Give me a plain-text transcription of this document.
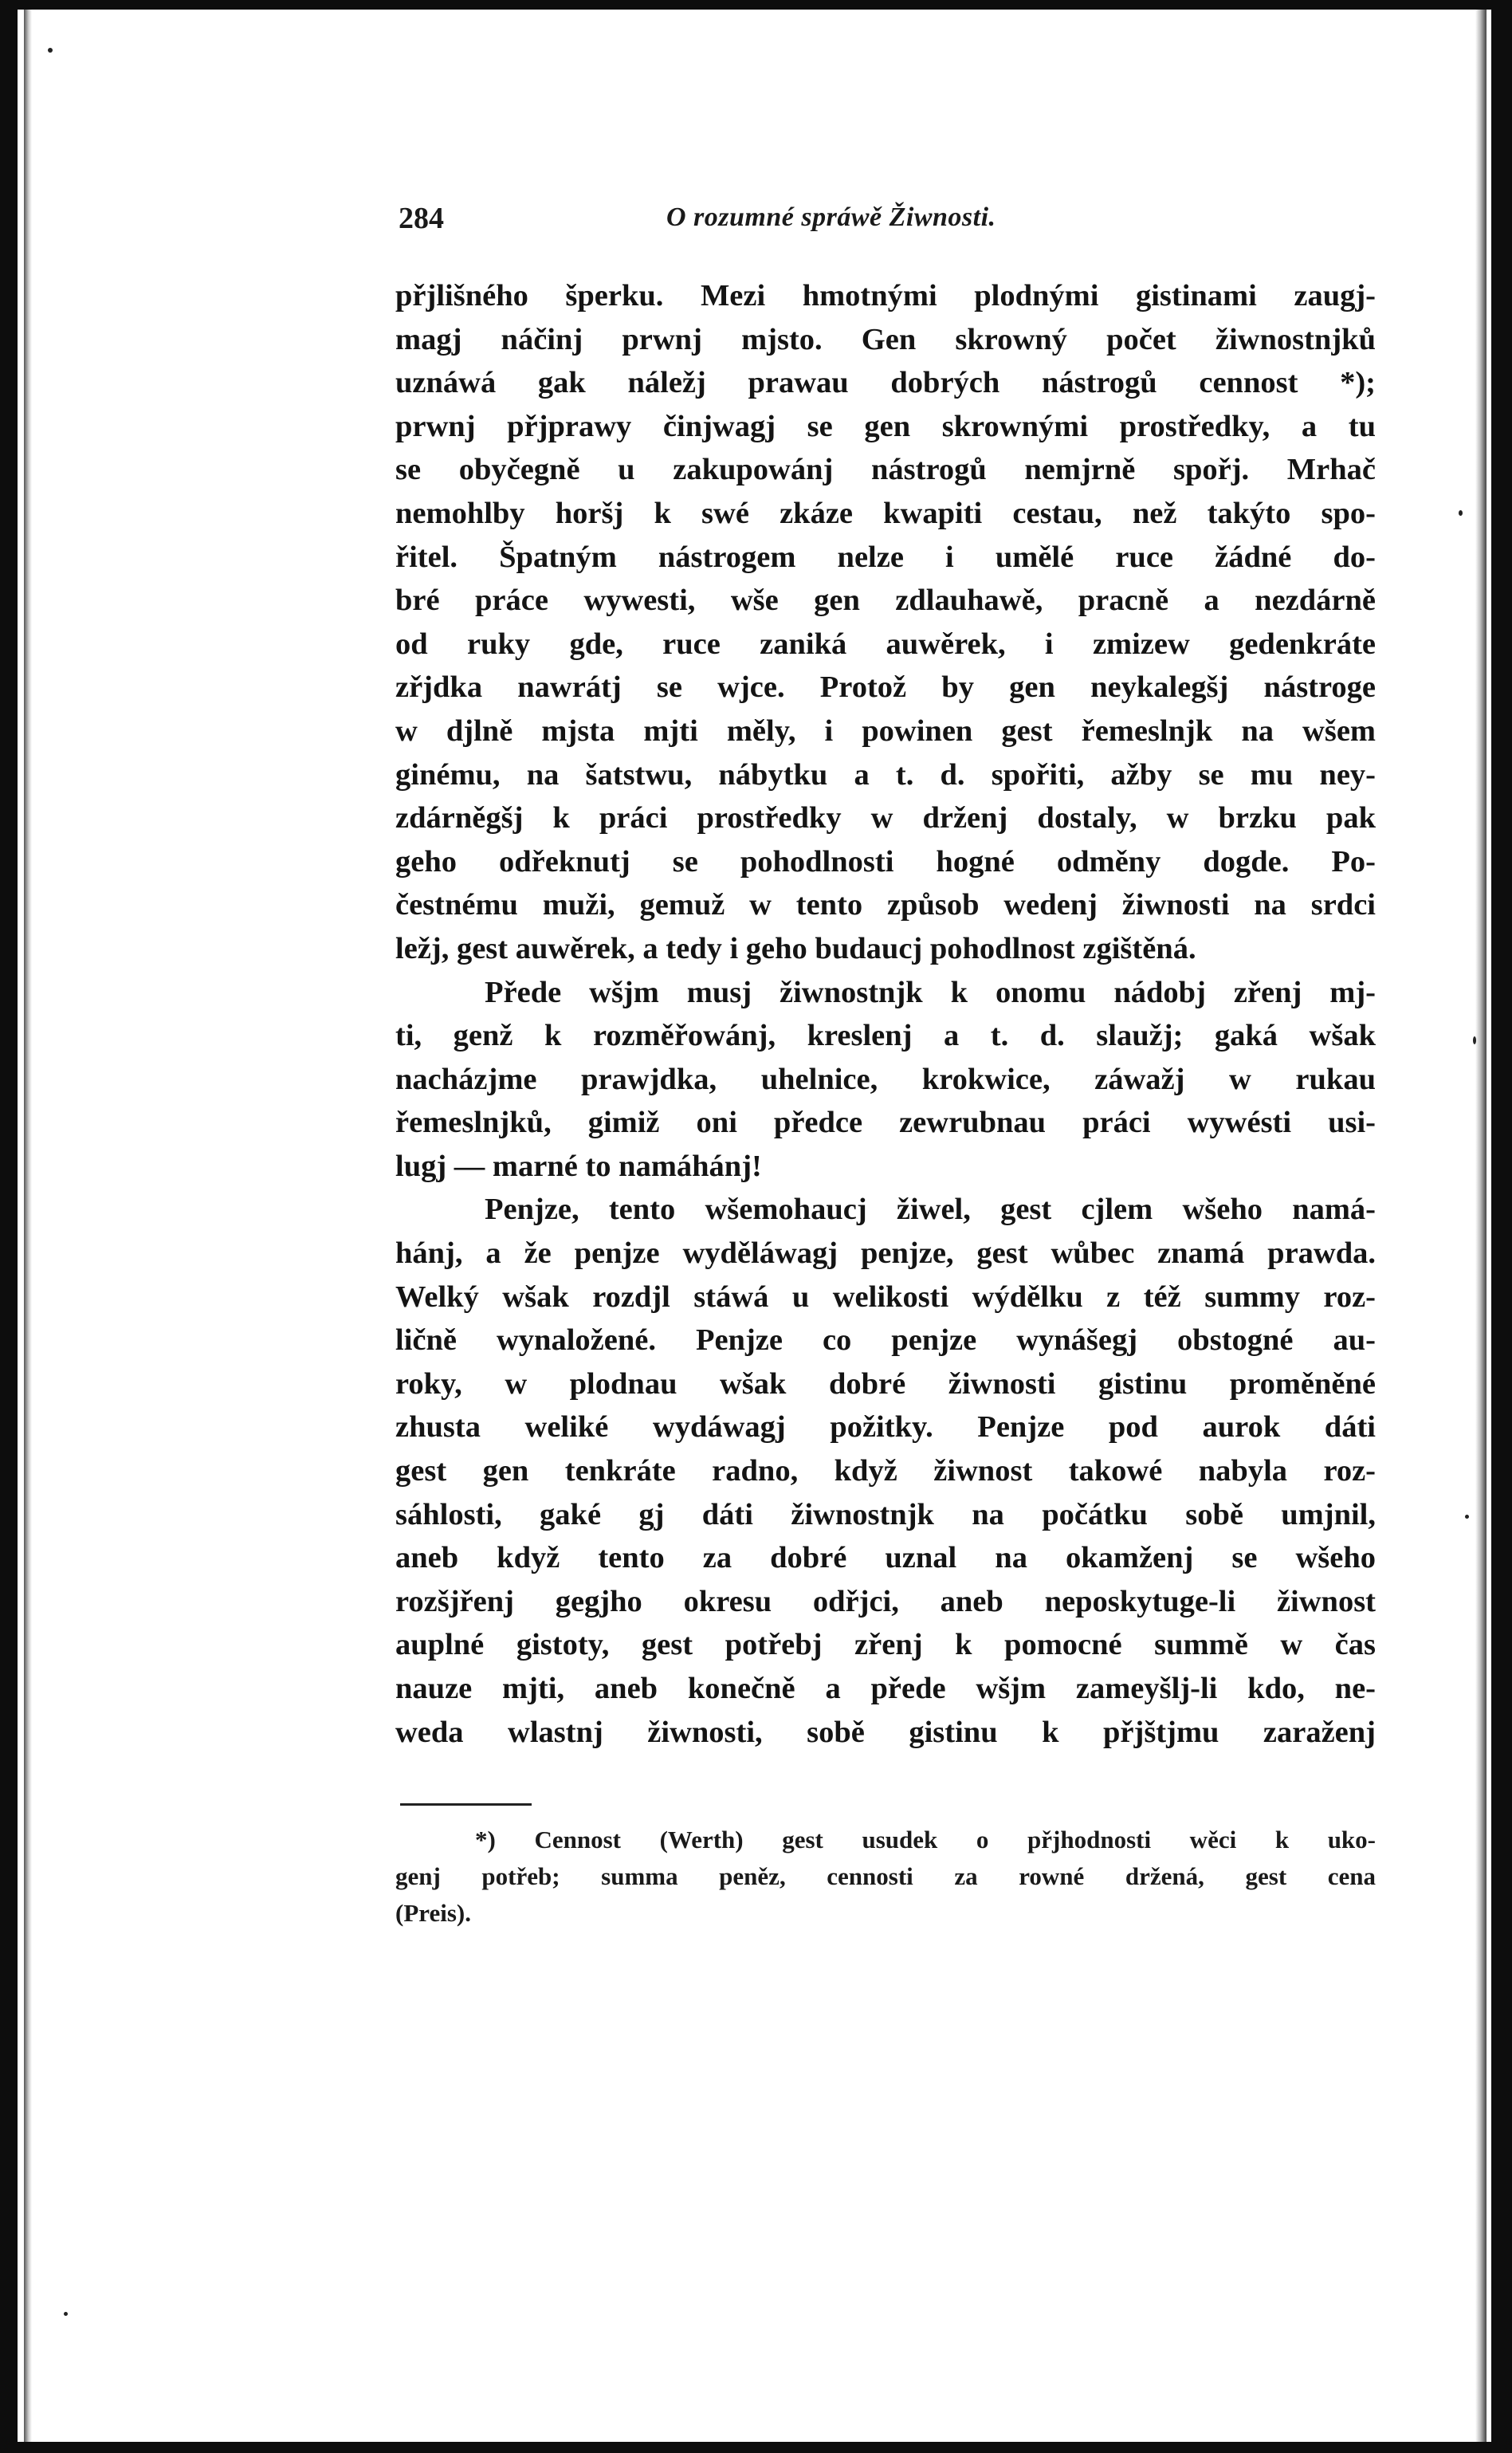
284	O rozumné spráwě Žiwnosti.
přjlišného šperku. Mezi hmotnými plodnými gistinami zaugj-
magj náčinj prwnj mjsto. Gen skrowný počet žiwnostnjků
uznáwá gak náležj prawau dobrých nástrogů cennost *);
prwnj přjprawy činjwagj se gen skrownými prostředky, a tu
se obyčegně u zakupowánj nástrogů nemjrně spořj. Mrhač
nemohlby horšj k swé zkáze kwapiti cestau, než takýto spo-
řitel. Špatným nástrogem nelze i umělé ruce žádné do-
bré práce wywesti, wše gen zdlauhawě, pracně a nezdárně
od ruky gde, ruce zaniká auwěrek, i zmizew gedenkráte
zřjdka nawrátj se wjce. Protož by gen neykalegšj nástroge
w djlně mjsta mjti měly, i powinen gest řemeslnjk na wšem
ginému, na šatstwu, nábytku a t. d. spořiti, ažby se mu ney-
zdárněgšj k práci prostředky w drženj dostaly, w brzku pak
geho odřeknutj se pohodlnosti hogné odměny dogde. Po-
čestnému muži, gemuž w tento způsob wedenj žiwnosti na srdci
ležj, gest auwěrek, a tedy i geho budaucj pohodlnost zgištěná.
Přede wšjm musj žiwnostnjk k onomu nádobj zřenj mj-
ti, genž k rozměřowánj, kreslenj a t. d. slaužj; gaká wšak
nacházjme prawjdka, uhelnice, krokwice, záwažj w rukau
řemeslnjků, gimiž oni předce zewrubnau práci wywésti usi-
lugj — marné to namáhánj!
Penjze, tento wšemohaucj žiwel, gest cjlem wšeho namá-
hánj, a že penjze wyděláwagj penjze, gest wůbec znamá prawda.
Welký wšak rozdjl stáwá u welikosti wýdělku z též summy roz-
ličně wynaložené. Penjze co penjze wynášegj obstogné au-
roky, w plodnau wšak dobré žiwnosti gistinu proměněné
zhusta weliké wydáwagj požitky. Penjze pod aurok dáti
gest gen tenkráte radno, když žiwnost takowé nabyla roz-
sáhlosti, gaké gj dáti žiwnostnjk na počátku sobě umjnil,
aneb když tento za dobré uznal na okamženj se wšeho
rozšjřenj gegjho okresu odřjci, aneb neposkytuge-li žiwnost
auplné gistoty, gest potřebj zřenj k pomocné summě w čas
nauze mjti, aneb konečně a přede wšjm zameyšlj-li kdo, ne-
weda wlastnj žiwnosti, sobě gistinu k přjštjmu zaraženj
*) Cennost (Werth) gest usudek o přjhodnosti wěci k uko-
genj potřeb; summa peněz, cennosti za rowné držená, gest cena
(Preis).
